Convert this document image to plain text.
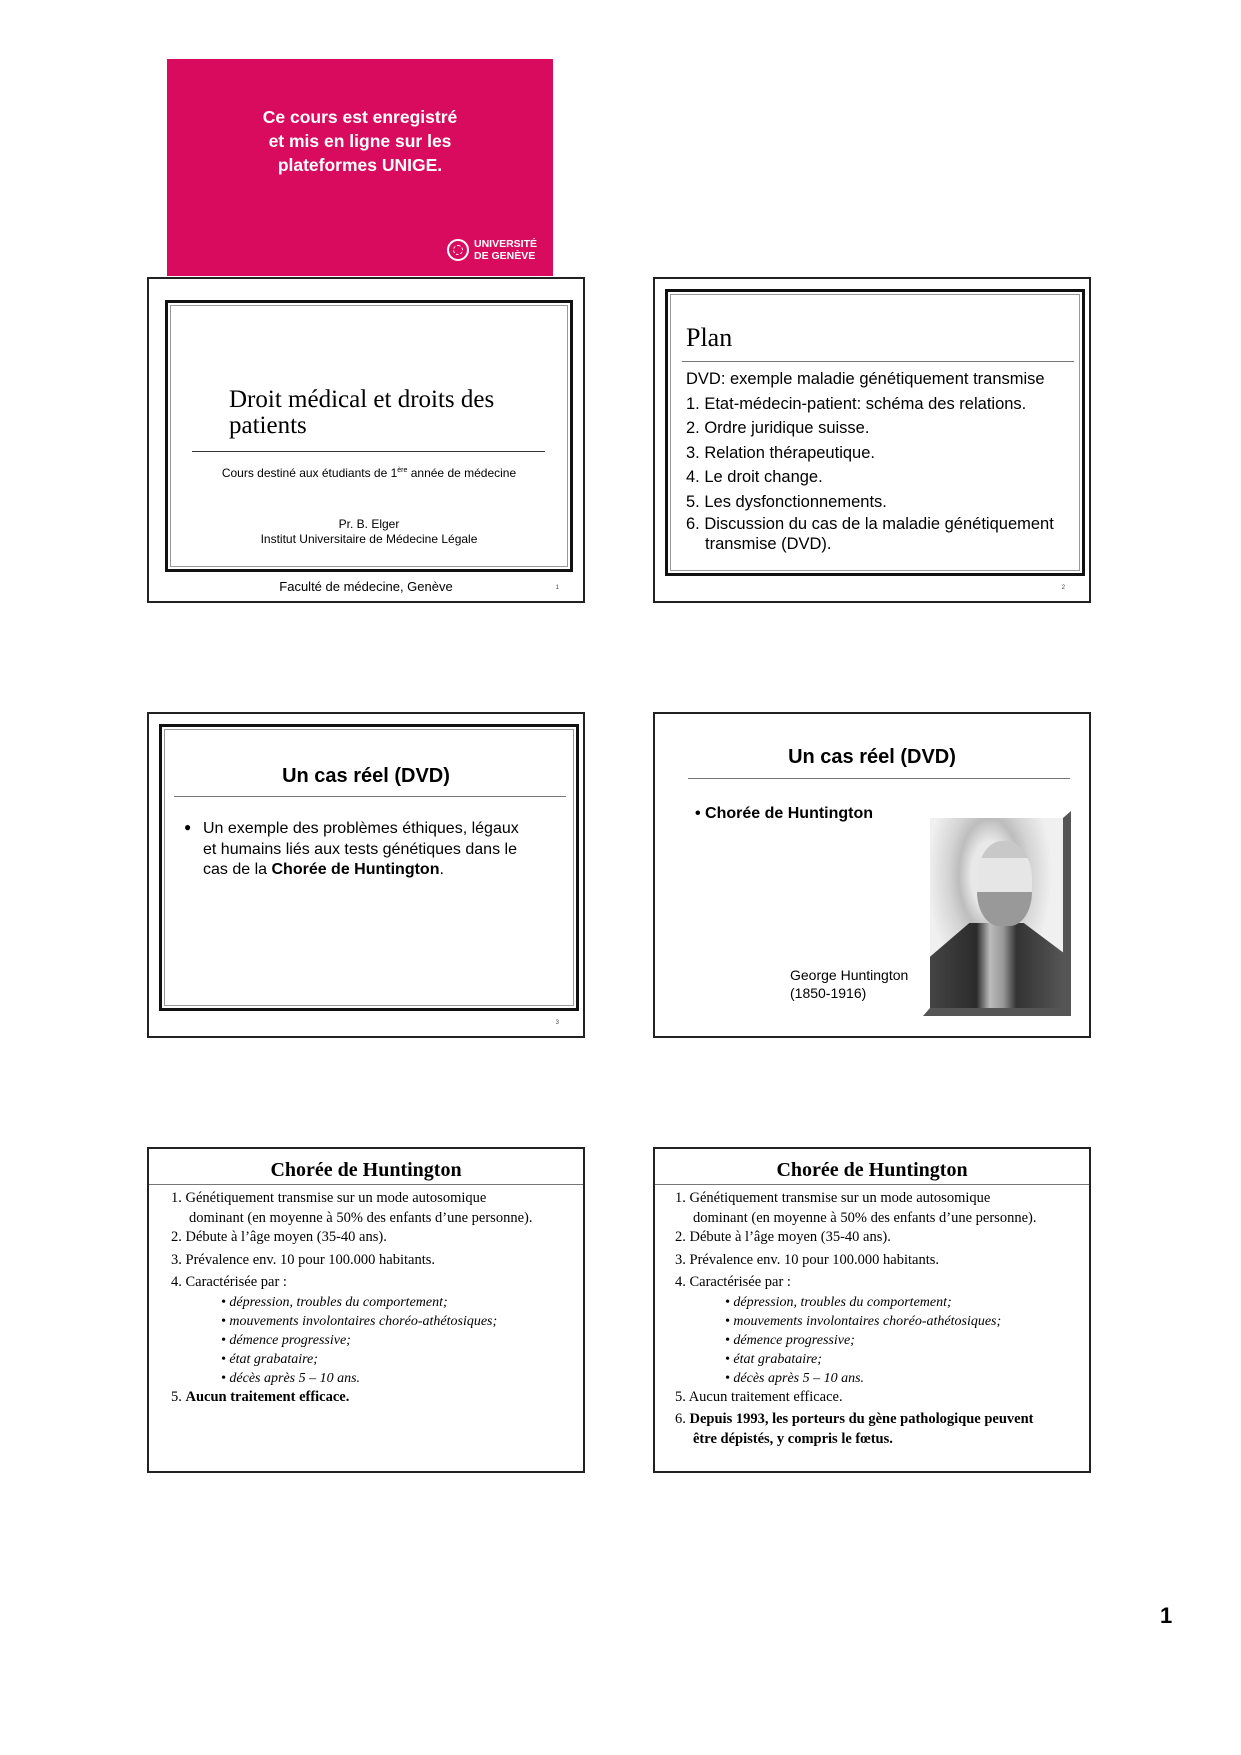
Ce cours est enregistré
et mis en ligne sur les
plateformes UNIGE.
UNIVERSITÉ
DE GENÈVE
Droit médical et droits des patients
Cours destiné aux étudiants de 1ère année de médecine
Pr. B. Elger
Institut Universitaire de Médecine Légale
Faculté de médecine, Genève	1
Plan
DVD: exemple maladie génétiquement transmise
1. Etat-médecin-patient: schéma des relations.
2. Ordre juridique suisse.
3. Relation thérapeutique.
4. Le droit change.
5. Les dysfonctionnements.
6. Discussion du cas de la maladie génétiquement
transmise (DVD).
2
Un cas réel (DVD)
● Un exemple des problèmes éthiques, légaux et humains liés aux tests génétiques dans le cas de la Chorée de Huntington.
3
Un cas réel (DVD)
• Chorée de Huntington
George Huntington
(1850-1916)
Chorée de Huntington
1. Génétiquement transmise sur un mode autosomique
dominant (en moyenne à 50% des enfants d’une personne).
2. Débute à l’âge moyen (35-40 ans).
3. Prévalence env. 10 pour 100.000 habitants.
4. Caractérisée par :
• dépression, troubles du comportement;
• mouvements involontaires choréo-athétosiques;
• démence progressive;
• état grabataire;
• décès après 5 – 10 ans.
5. Aucun traitement efficace.
Chorée de Huntington
1. Génétiquement transmise sur un mode autosomique
dominant (en moyenne à 50% des enfants d’une personne).
2. Débute à l’âge moyen (35-40 ans).
3. Prévalence env. 10 pour 100.000 habitants.
4. Caractérisée par :
• dépression, troubles du comportement;
• mouvements involontaires choréo-athétosiques;
• démence progressive;
• état grabataire;
• décès après 5 – 10 ans.
5. Aucun traitement efficace.
6. Depuis 1993, les porteurs du gène pathologique peuvent
être dépistés, y compris le fœtus.
1
